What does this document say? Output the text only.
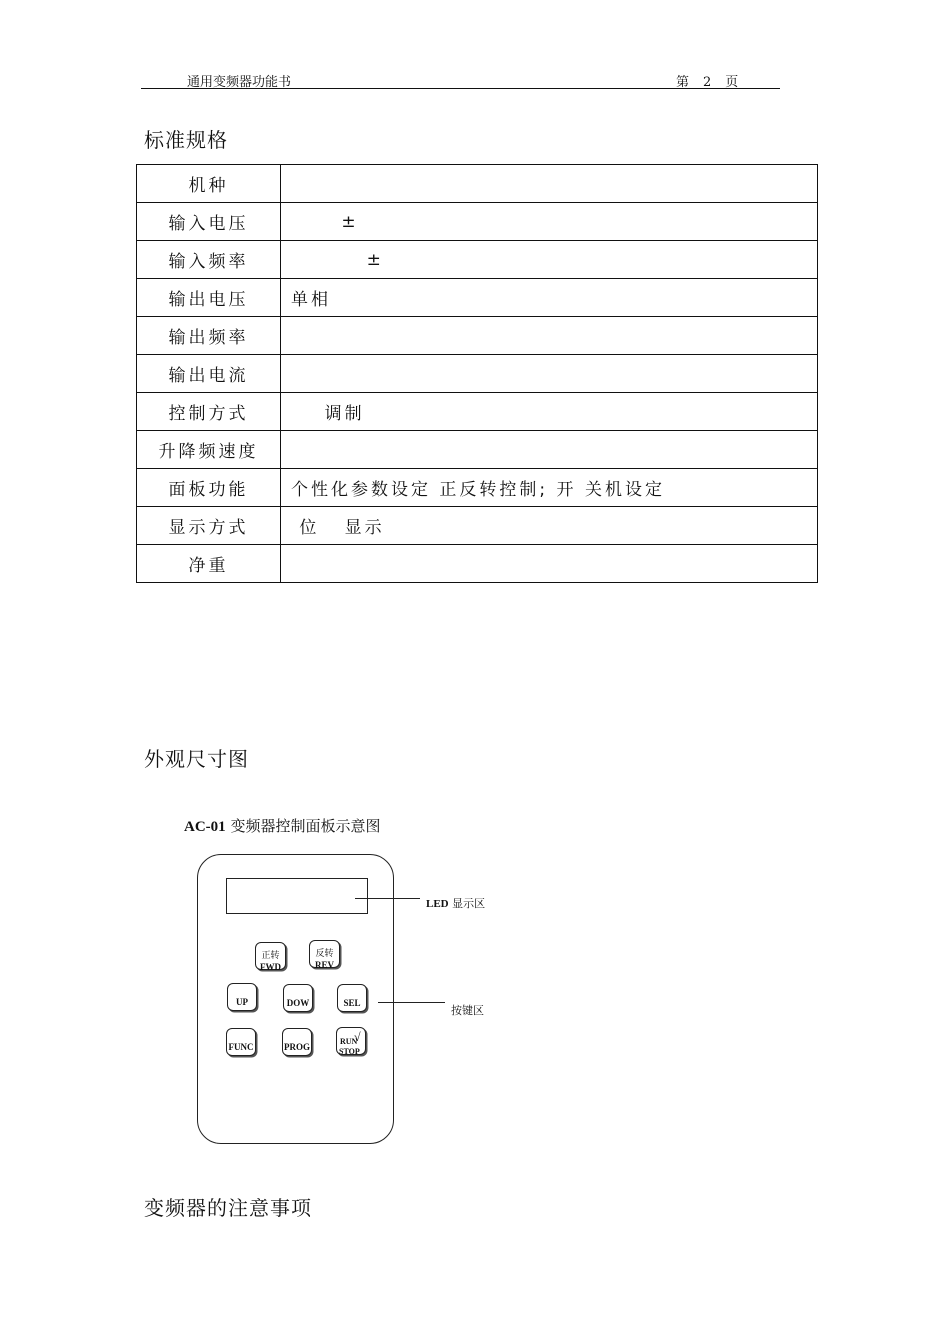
通用变频器功能书	第 2 页
标准规格
机种	
输入电压	±
输入频率	±
输出电压	单相
输出频率	
输出电流	
控制方式	调制
升降频速度	
面板功能	个性化参数设定 正反转控制; 开 关机设定
显示方式	位   显示
净重	
外观尺寸图
AC-01 变频器控制面板示意图
LED 显示区
按键区
正转
FWD
反转
REV
UP	DOW	SEL
FUNC	PROG
RUN
√
STOP
变频器的注意事项
